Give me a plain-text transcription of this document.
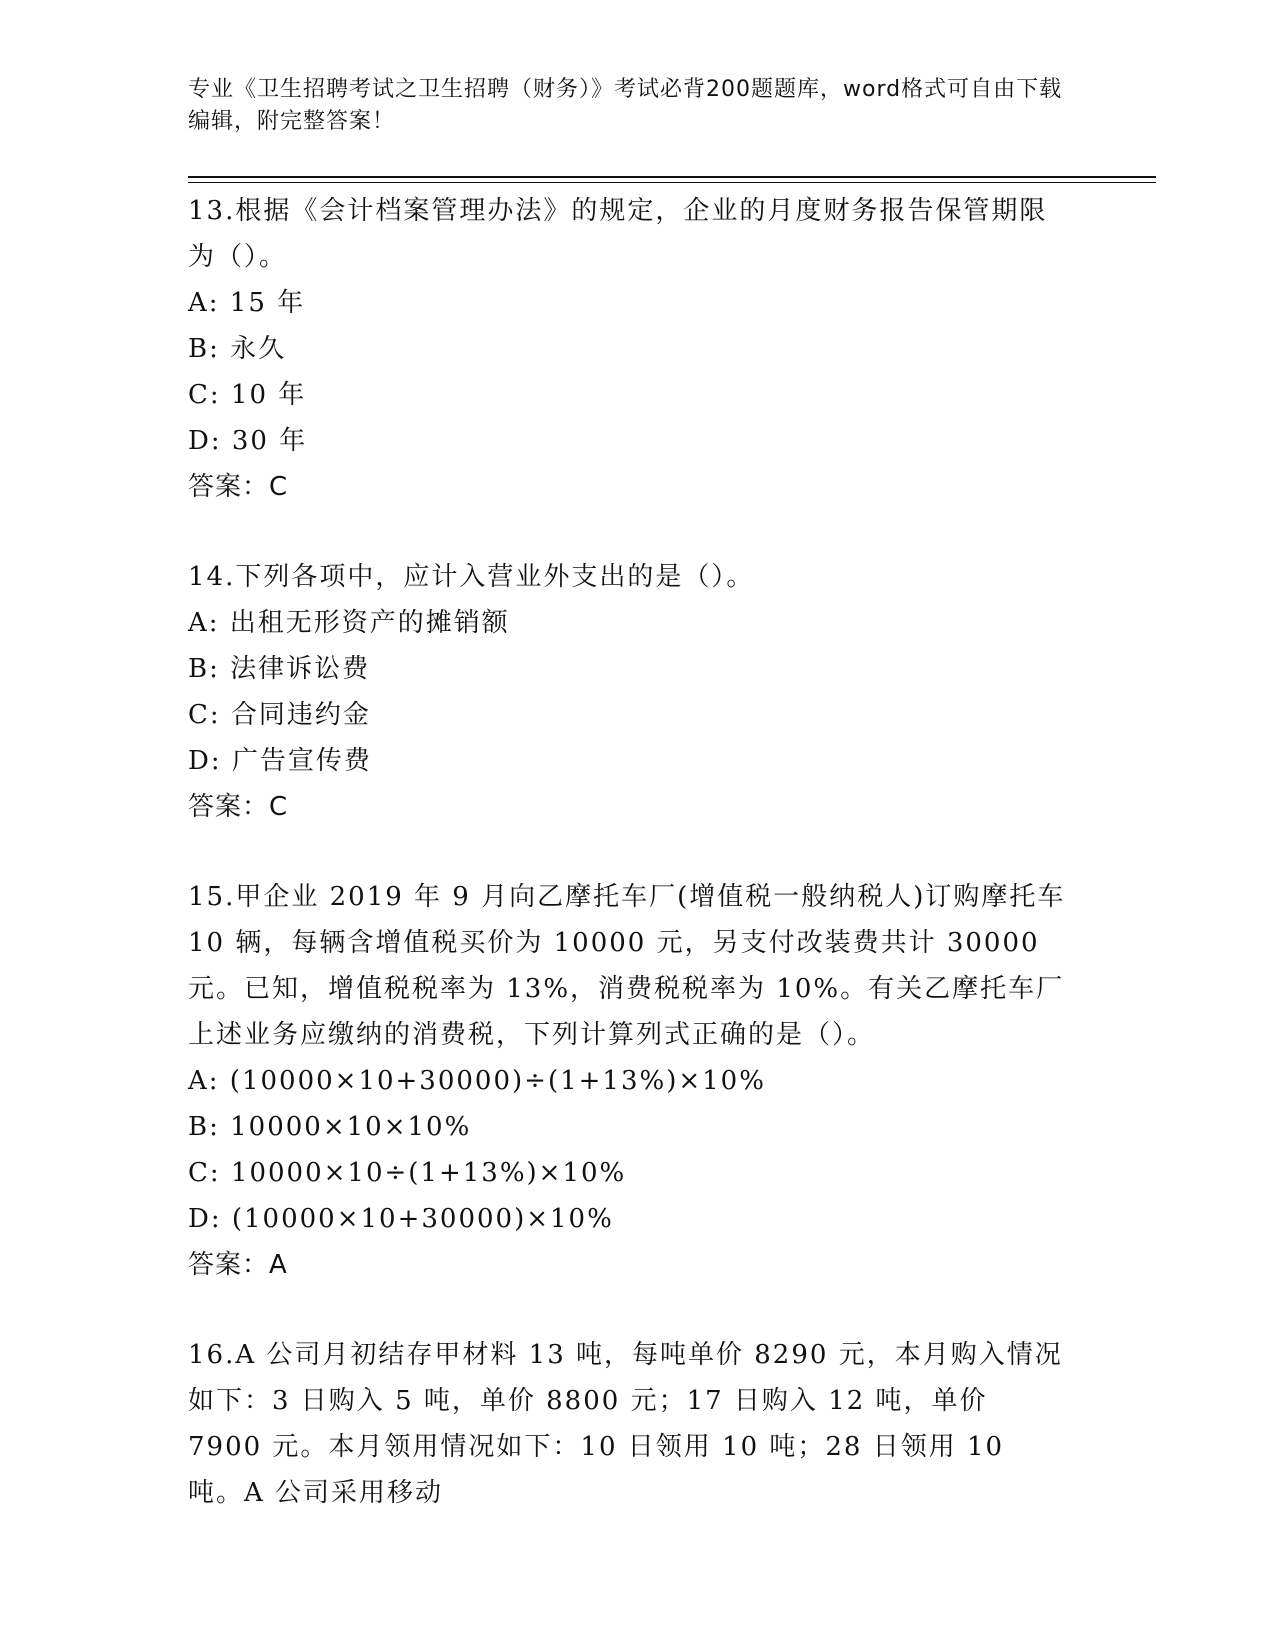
专业《卫生招聘考试之卫生招聘（财务）》考试必背200题题库，word格式可自由下载编辑，附完整答案！

13.根据《会计档案管理办法》的规定，企业的月度财务报告保管期限为（）。

A: 15 年

B: 永久

C: 10 年

D: 30 年

答案：C

14.下列各项中，应计入营业外支出的是（）。

A: 出租无形资产的摊销额

B: 法律诉讼费

C: 合同违约金

D: 广告宣传费

答案：C

15.甲企业 2019 年 9 月向乙摩托车厂(增值税一般纳税人)订购摩托车 10 辆，每辆含增值税买价为 10000 元，另支付改装费共计 30000 元。已知，增值税税率为 13%，消费税税率为 10%。有关乙摩托车厂上述业务应缴纳的消费税，下列计算列式正确的是（）。

A: (10000×10+30000)÷(1+13%)×10%

B: 10000×10×10%

C: 10000×10÷(1+13%)×10%

D: (10000×10+30000)×10%

答案：A

16.A 公司月初结存甲材料 13 吨，每吨单价 8290 元，本月购入情况如下：3 日购入 5 吨，单价 8800 元；17 日购入 12 吨，单价 7900 元。本月领用情况如下：10 日领用 10 吨；28 日领用 10 吨。A 公司采用移动
